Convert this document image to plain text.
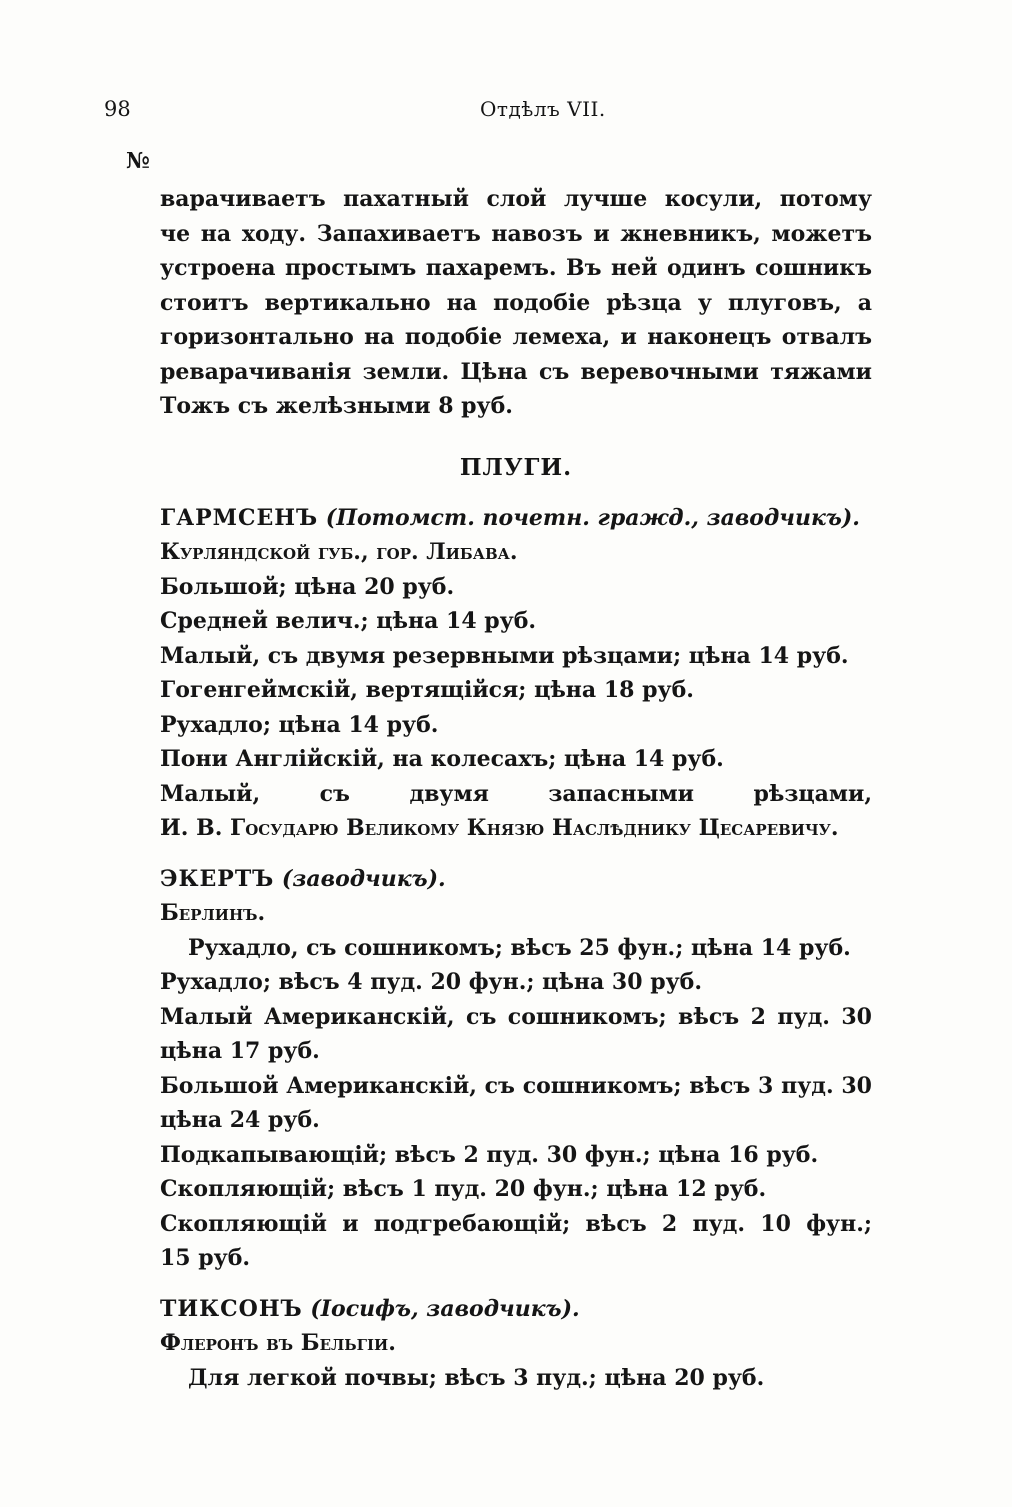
98	Отдѣлъ VII.
№
варачиваетъ пахатный слой лучше косули, потому
че на ходу. Запахиваетъ навозъ и жневникъ, можетъ
устроена простымъ пахаремъ. Въ ней одинъ сошникъ
стоитъ вертикально на подобіе рѣзца у плуговъ, а
горизонтально на подобіе лемеха, и наконецъ отвалъ
реварачиванія земли. Цѣна съ веревочными тяжами
Тожъ съ желѣзными 8 руб.
ПЛУГИ.
ГАРМСЕНЪ (Потомст. почетн. гражд., заводчикъ).
Курляндской губ., гор. Либава.
Большой; цѣна 20 руб.
Средней велич.; цѣна 14 руб.
Малый, съ двумя резервными рѣзцами; цѣна 14 руб.
Гогенгеймскій, вертящійся; цѣна 18 руб.
Рухадло; цѣна 14 руб.
Пони Англійскій, на колесахъ; цѣна 14 руб.
Малый, съ двумя запасными рѣзцами,
И. В. Государю Великому Князю Наслѣднику Цесаревичу.
ЭКЕРТЪ (заводчикъ).
Берлинъ.
Рухадло, съ сошникомъ; вѣсъ 25 фун.; цѣна 14 руб.
Рухадло; вѣсъ 4 пуд. 20 фун.; цѣна 30 руб.
Малый Американскій, съ сошникомъ; вѣсъ 2 пуд. 30
цѣна 17 руб.
Большой Американскій, съ сошникомъ; вѣсъ 3 пуд. 30
цѣна 24 руб.
Подкапывающій; вѣсъ 2 пуд. 30 фун.; цѣна 16 руб.
Скопляющій; вѣсъ 1 пуд. 20 фун.; цѣна 12 руб.
Скопляющій и подгребающій; вѣсъ 2 пуд. 10 фун.;
15 руб.
ТИКСОНЪ (Іосифъ, заводчикъ).
Флеронъ въ Бельгіи.
Для легкой почвы; вѣсъ 3 пуд.; цѣна 20 руб.
